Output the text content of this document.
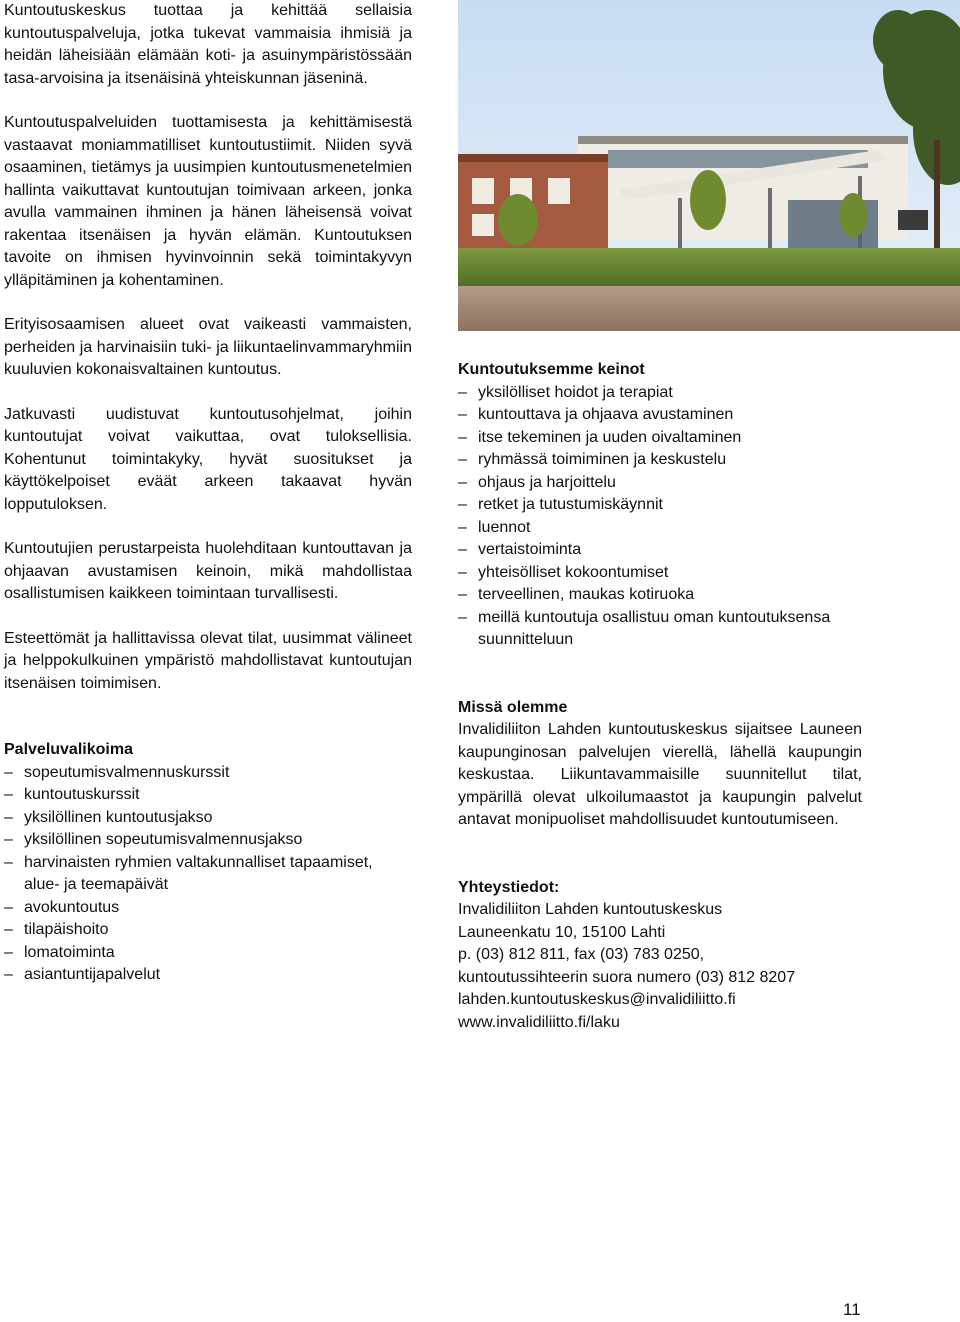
Kuntoutuskeskus tuottaa ja kehittää sellaisia kuntoutuspalveluja, jotka tukevat vammaisia ihmisiä ja heidän läheisiään elämään koti- ja asuinympäristössään tasa-arvoisina ja itsenäisinä yhteiskunnan jäseninä.

Kuntoutuspalveluiden tuottamisesta ja kehittämisestä vastaavat moniammatilliset kuntoutustiimit. Niiden syvä osaaminen, tietämys ja uusimpien kuntoutusmenetelmien hallinta vaikuttavat kuntoutujan toimivaan arkeen, jonka avulla vammainen ihminen ja hänen läheisensä voivat rakentaa itsenäisen ja hyvän elämän. Kuntoutuksen tavoite on ihmisen hyvinvoinnin sekä toimintakyvyn ylläpitäminen ja kohentaminen.

Erityisosaamisen alueet ovat vaikeasti vammaisten, perheiden ja harvinaisiin tuki- ja liikuntaelinvammaryhmiin kuuluvien kokonaisvaltainen kuntoutus.

Jatkuvasti uudistuvat kuntoutusohjelmat, joihin kuntoutujat voivat vaikuttaa, ovat tuloksellisia. Kohentunut toimintakyky, hyvät suositukset ja käyttökelpoiset eväät arkeen takaavat hyvän lopputuloksen.

Kuntoutujien perustarpeista huolehditaan kuntouttavan ja ohjaavan avustamisen keinoin, mikä mahdollistaa osallistumisen kaikkeen toimintaan turvallisesti.

Esteettömät ja hallittavissa olevat tilat, uusimmat välineet ja helppokulkuinen ympäristö mahdollistavat kuntoutujan itsenäisen toimimisen.

Palveluvalikoima
– sopeutumisvalmennuskurssit
– kuntoutuskurssit
– yksilöllinen kuntoutusjakso
– yksilöllinen sopeutumisvalmennusjakso
– harvinaisten ryhmien valtakunnalliset tapaamiset, alue- ja teemapäivät
– avokuntoutus
– tilapäishoito
– lomatoiminta
– asiantuntijapalvelut
Kuntoutuksemme keinot
– yksilölliset hoidot ja terapiat
– kuntouttava ja ohjaava avustaminen
– itse tekeminen ja uuden oivaltaminen
– ryhmässä toimiminen ja keskustelu
– ohjaus ja harjoittelu
– retket ja tutustumiskäynnit
– luennot
– vertaistoiminta
– yhteisölliset kokoontumiset
– terveellinen, maukas kotiruoka
– meillä kuntoutuja osallistuu oman kuntoutuksensa suunnitteluun
Missä olemme

Invalidiliiton Lahden kuntoutuskeskus sijaitsee Launeen kaupunginosan palvelujen vierellä, lähellä kaupungin keskustaa. Liikuntavammaisille suunnitellut tilat, ympärillä olevat ulkoilumaastot ja kaupungin palvelut antavat monipuoliset mahdollisuudet kuntoutumiseen.

Yhteystiedot:
Invalidiliiton Lahden kuntoutuskeskus
Launeenkatu 10, 15100 Lahti
p. (03) 812 811, fax (03) 783 0250,
kuntoutussihteerin suora numero (03) 812 8207
lahden.kuntoutuskeskus@invalidiliitto.fi
www.invalidiliitto.fi/laku
11
